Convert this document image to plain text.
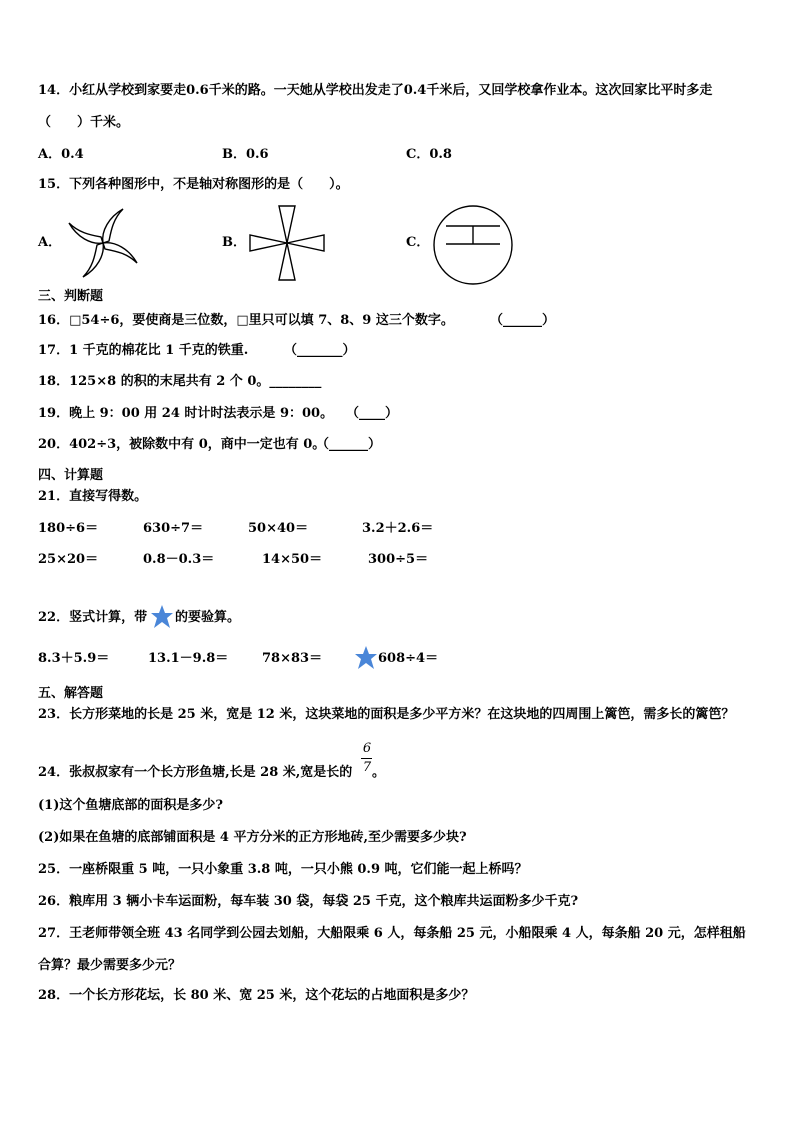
14．小红从学校到家要走0.6千米的路。一天她从学校出发走了0.4千米后，又回学校拿作业本。这次回家比平时多走
（　　）千米。
A．0.4	B．0.6	C．0.8
15．下列各种图形中，不是轴对称图形的是（　　）。
A．	B．	C．
三、判断题
16．□54÷6，要使商是三位数，□里只可以填 7、8、9 这三个数字。	（______）
17．1 千克的棉花比 1 千克的铁重.	（_______）
18．125×8 的积的末尾共有 2 个 0。________
19．晚上 9：00 用 24 时计时法表示是 9：00。 （____）
20．402÷3，被除数中有 0，商中一定也有 0。
（______）
四、计算题
21．直接写得数。
180÷6＝	630÷7＝	50×40＝	3.2＋2.6＝
25×20＝	0.8－0.3＝	14×50＝	300÷5＝
22．竖式计算，带 的要验算。
8.3＋5.9＝	13.1－9.8＝	78×83＝	608÷4＝
五、解答题
23．长方形菜地的长是 25 米，宽是 12 米，这块菜地的面积是多少平方米？在这块地的四周围上篱笆，需多长的篱笆？
6
7
24．张叔叔家有一个长方形鱼塘,长是 28 米,宽是长的 。
(1)这个鱼塘底部的面积是多少?
(2)如果在鱼塘的底部铺面积是 4 平方分米的正方形地砖,至少需要多少块?
25．一座桥限重 5 吨，一只小象重 3.8 吨，一只小熊 0.9 吨，它们能一起上桥吗？
26．粮库用 3 辆小卡车运面粉，每车装 30 袋，每袋 25 千克，这个粮库共运面粉多少千克?
27．王老师带领全班 43 名同学到公园去划船，大船限乘 6 人，每条船 25 元，小船限乘 4 人，每条船 20 元，怎样租船
合算？最少需要多少元？
28．一个长方形花坛，长 80 米、宽 25 米，这个花坛的占地面积是多少？
